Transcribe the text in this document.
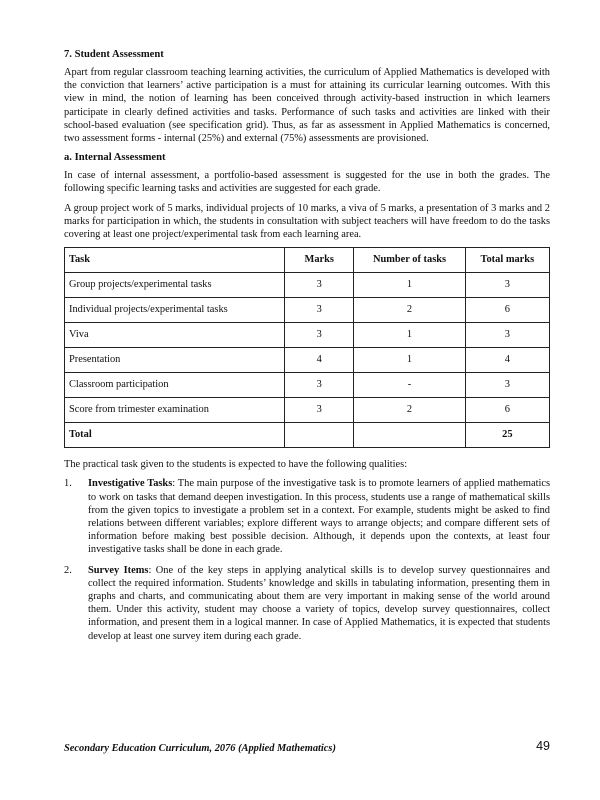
7. Student Assessment

Apart from regular classroom teaching learning activities, the curriculum of Applied Mathematics is developed with the conviction that learners’ active participation is a must for attaining its curricular learning outcomes. With this view in mind, the notion of learning has been conceived through activity-based instruction in which learners participate in clearly defined activities and tasks. Performance of such tasks and activities are linked with their school-based evaluation (see specification grid). Thus, as far as assessment in Applied Mathematics is concerned, two assessment forms - internal (25%) and external (75%) assessments are provisioned.

a. Internal Assessment

In case of internal assessment, a portfolio-based assessment is suggested for the use in both the grades. The following specific learning tasks and activities are suggested for each grade.

A group project work of 5 marks, individual projects of 10 marks, a viva of 5 marks, a presentation of 3 marks and 2 marks for participation in which, the students in consultation with subject teachers will have freedom to do the tasks covering at least one project/experimental task from each learning area.

Task	Marks	Number of tasks	Total marks
Group projects/experimental tasks	3	1	3
Individual projects/experimental tasks	3	2	6
Viva	3	1	3
Presentation	4	1	4
Classroom participation	3	-	3
Score from trimester examination	3	2	6
Total			25

The practical task given to the students is expected to have the following qualities:

1. Investigative Tasks: The main purpose of the investigative task is to promote learners of applied mathematics to work on tasks that demand deepen investigation. In this process, students use a range of mathematical skills from the given topics to investigate a problem set in a context. For example, students might be asked to find relations between different variables; explore different ways to arrange objects; and compare different sets of information before making best possible decision. Although, it depends upon the contexts, at least four investigative tasks shall be done in each grade.
2. Survey Items: One of the key steps in applying analytical skills is to develop survey questionnaires and collect the required information. Students’ knowledge and skills in tabulating information, presenting them in graphs and charts, and communicating about them are very important in making sense of the world around them. Under this activity, student may choose a variety of topics, develop survey questionnaires, collect information, and present them in a logical manner. In case of Applied Mathematics, it is expected that students develop at least one survey item during each grade.
Secondary Education Curriculum, 2076 (Applied Mathematics)	49
